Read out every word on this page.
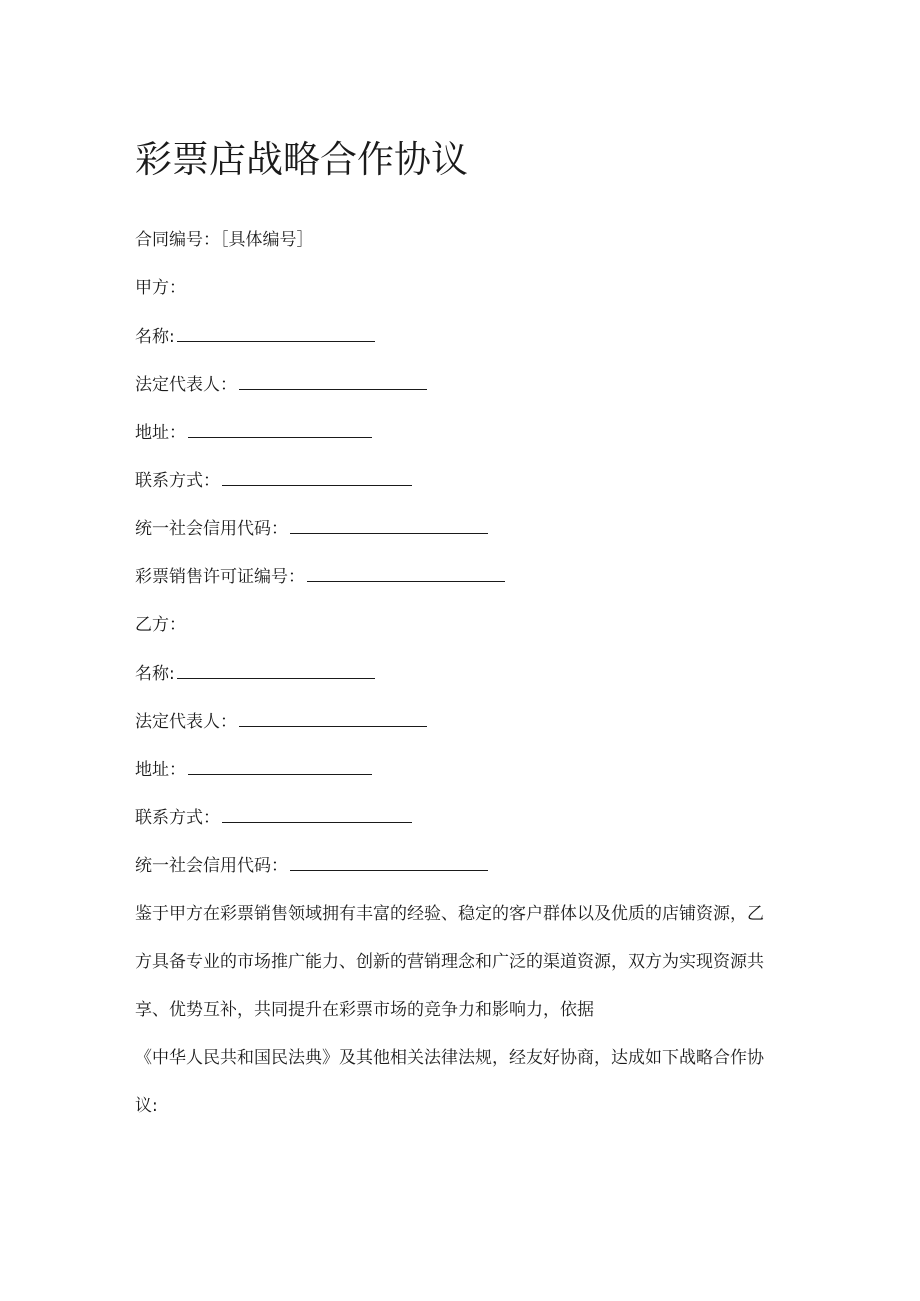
彩票店战略合作协议
合同编号：［具体编号］
甲方：
名称:
法定代表人：
地址：
联系方式：
统一社会信用代码：
彩票销售许可证编号：
乙方：
名称:
法定代表人：
地址：
联系方式：
统一社会信用代码：
鉴于甲方在彩票销售领域拥有丰富的经验、稳定的客户群体以及优质的店铺资源，乙
方具备专业的市场推广能力、创新的营销理念和广泛的渠道资源，双方为实现资源共
享、优势互补，共同提升在彩票市场的竞争力和影响力，依据
《中华人民共和国民法典》及其他相关法律法规，经友好协商，达成如下战略合作协
议:
